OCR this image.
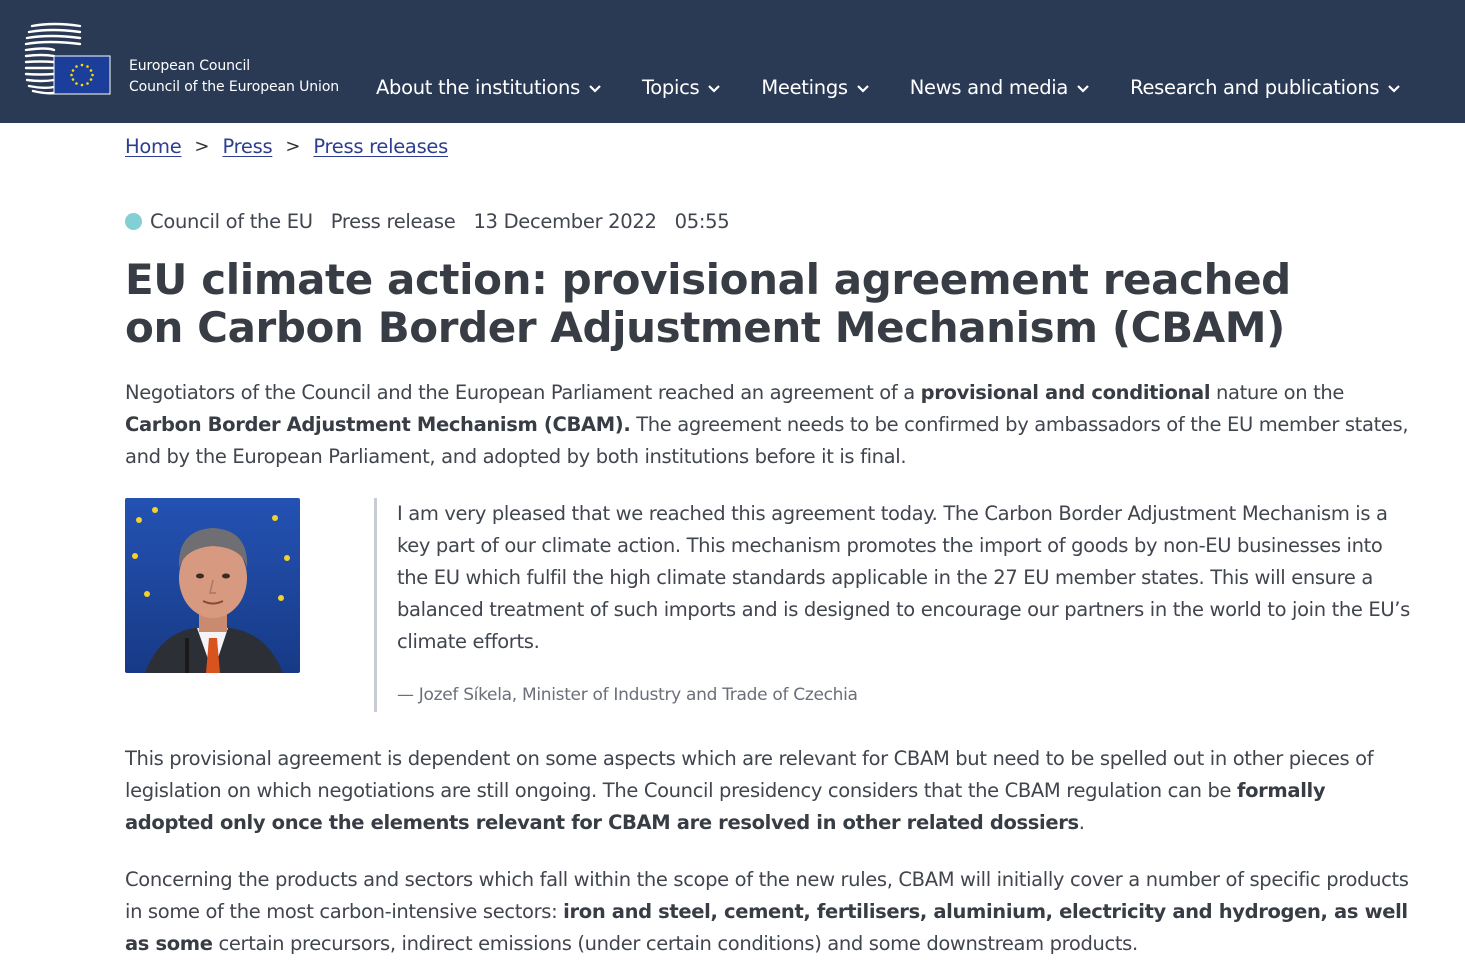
European Council
Council of the European Union About the institutions	Topics	Meetings	News and media	Research and publications
Home > Press > Press releases
Council of the EU Press release 13 December 2022 05:55
EU climate action: provisional agreement reached on Carbon Border Adjustment Mechanism (CBAM)

Negotiators of the Council and the European Parliament reached an agreement of a provisional and conditional nature on the Carbon Border Adjustment Mechanism (CBAM). The agreement needs to be confirmed by ambassadors of the EU member states, and by the European Parliament, and adopted by both institutions before it is final.

I am very pleased that we reached this agreement today. The Carbon Border Adjustment Mechanism is a key part of our climate action. This mechanism promotes the import of goods by non-EU businesses into the EU which fulfil the high climate standards applicable in the 27 EU member states. This will ensure a balanced treatment of such imports and is designed to encourage our partners in the world to join the EU’s climate efforts.
— Jozef Síkela, Minister of Industry and Trade of Czechia

This provisional agreement is dependent on some aspects which are relevant for CBAM but need to be spelled out in other pieces of legislation on which negotiations are still ongoing. The Council presidency considers that the CBAM regulation can be formally adopted only once the elements relevant for CBAM are resolved in other related dossiers.

Concerning the products and sectors which fall within the scope of the new rules, CBAM will initially cover a number of specific products in some of the most carbon-intensive sectors: iron and steel, cement, fertilisers, aluminium, electricity and hydrogen, as well as some certain precursors, indirect emissions (under certain conditions) and some downstream products.
